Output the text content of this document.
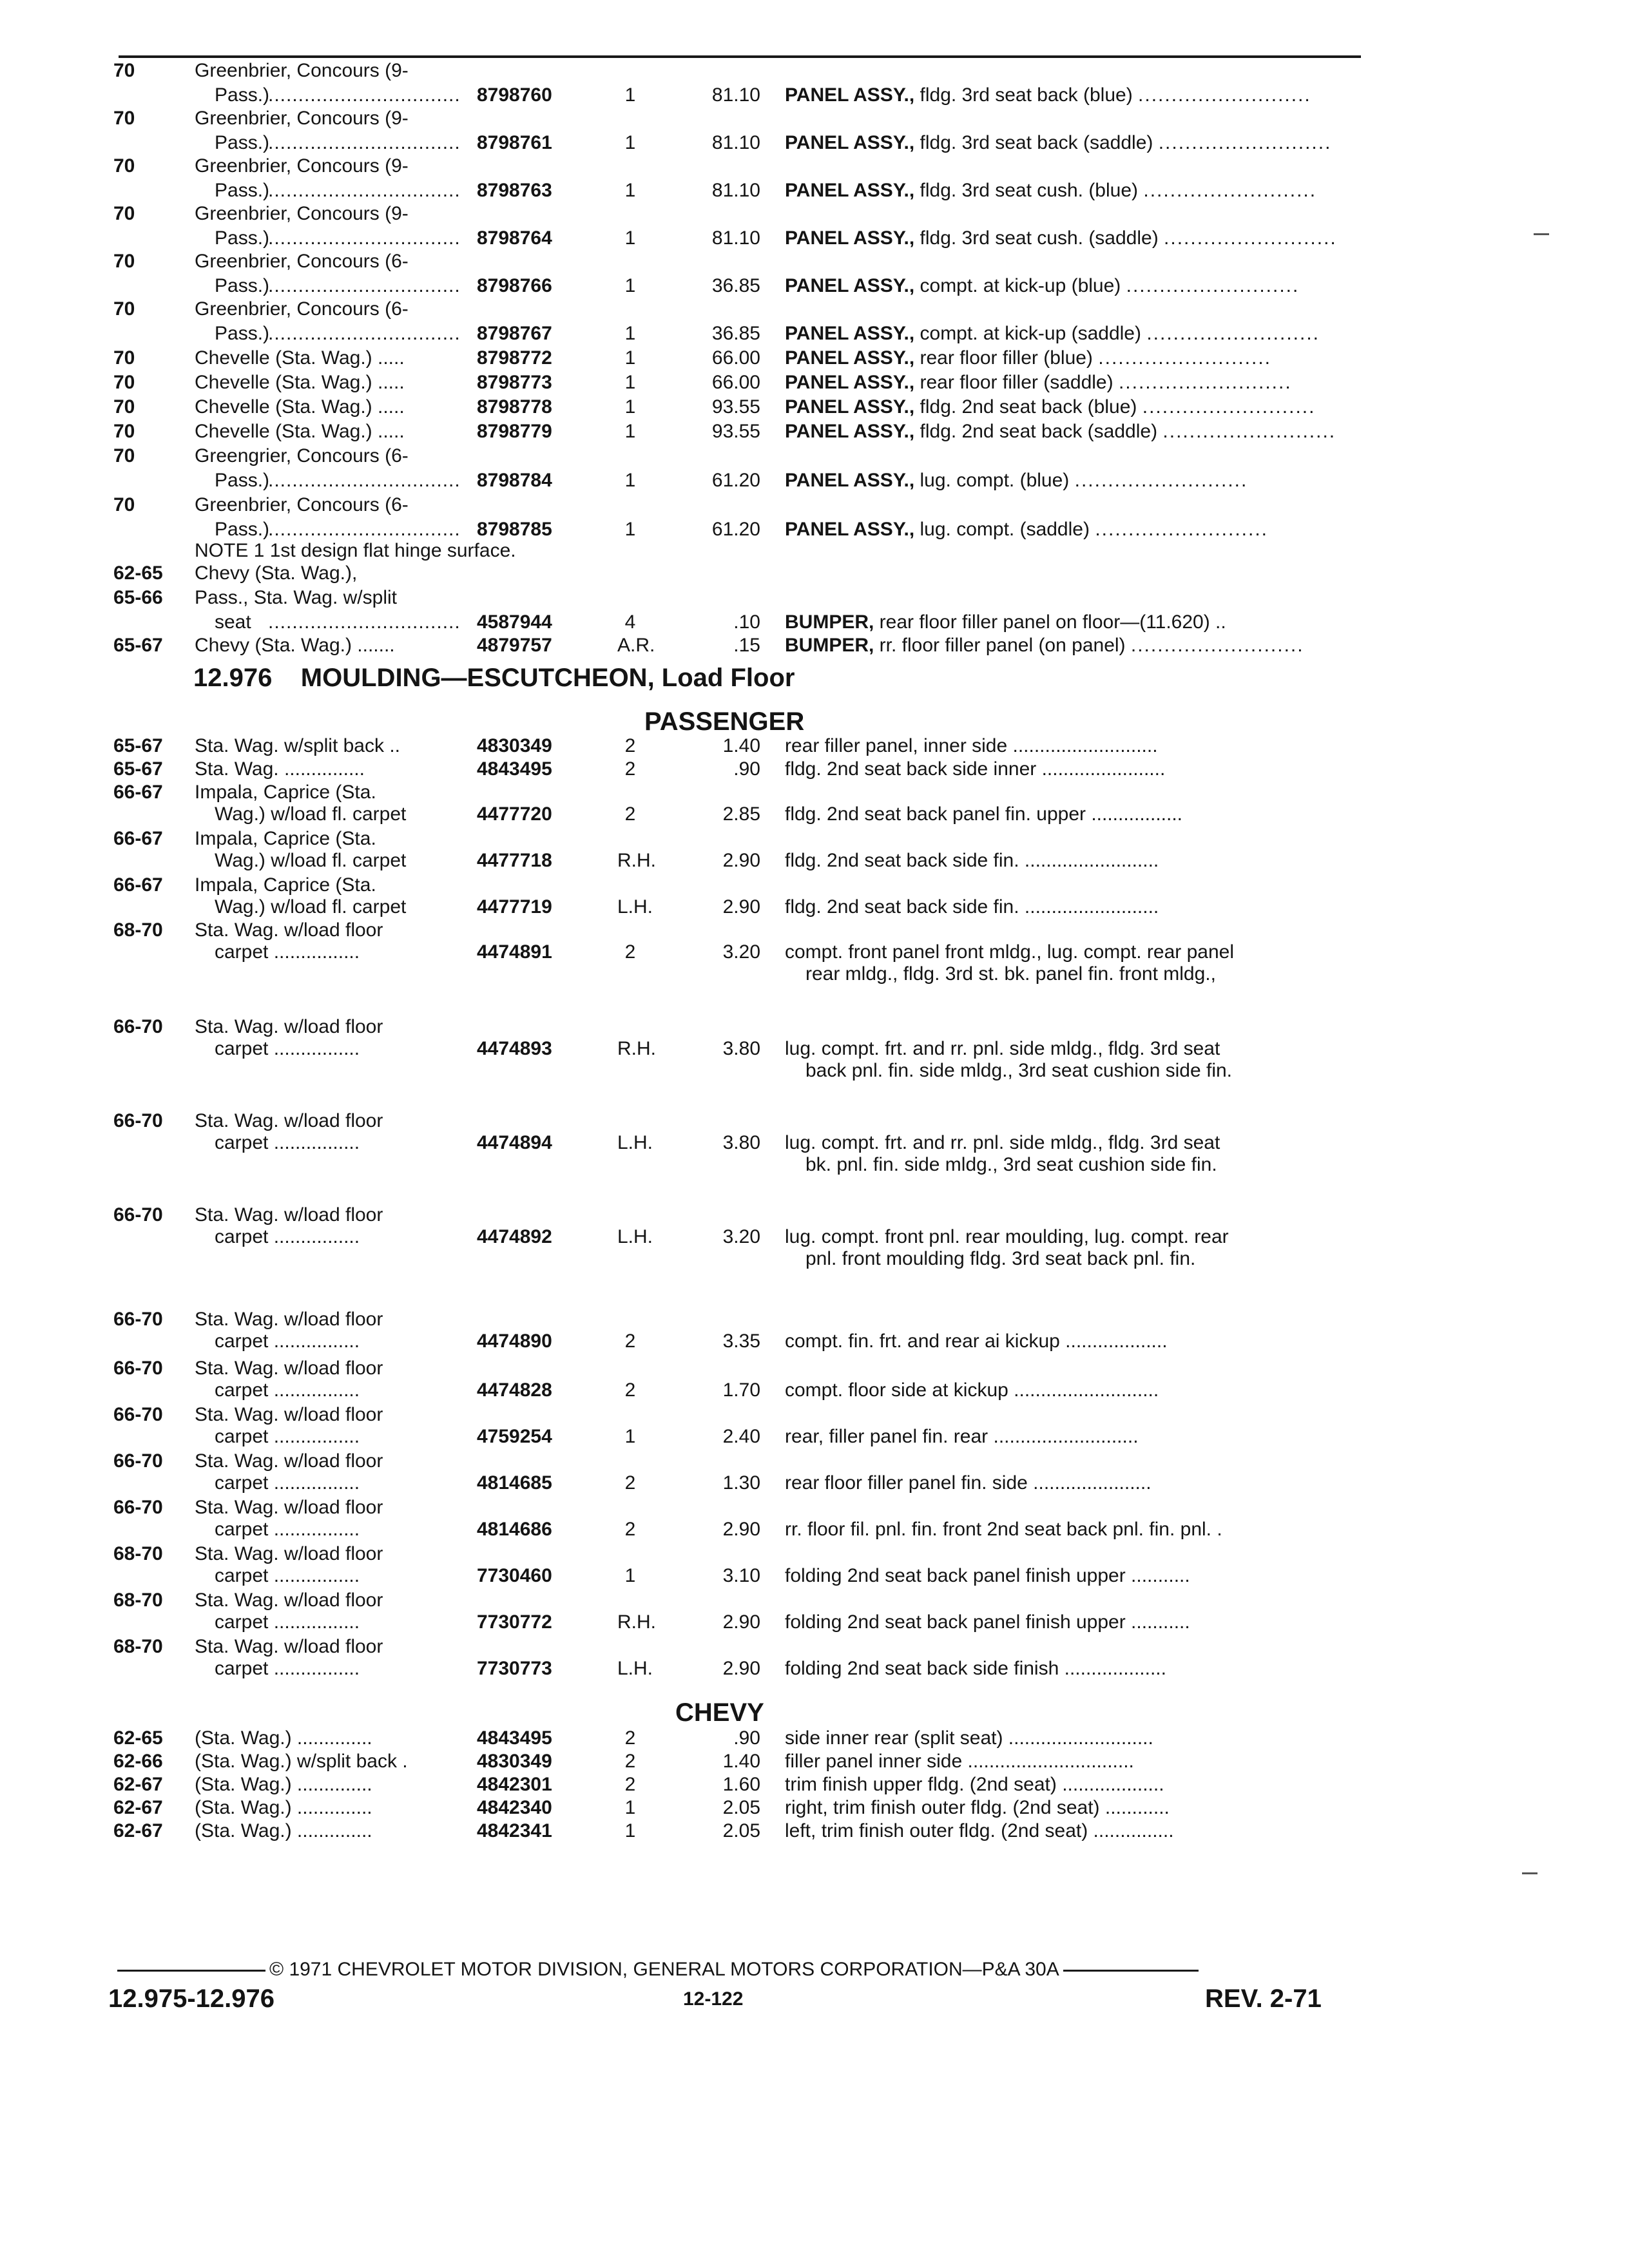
70	Greenbrier, Concours (9-
Pass.)
................................ 8798760	1	81.10 PANEL ASSY., fldg. 3rd seat back (blue) ..........................
70	Greenbrier, Concours (9-
Pass.)
................................ 8798761	1	81.10 PANEL ASSY., fldg. 3rd seat back (saddle) ..........................
70	Greenbrier, Concours (9-
Pass.)
................................ 8798763	1	81.10 PANEL ASSY., fldg. 3rd seat cush. (blue) ..........................
70	Greenbrier, Concours (9-
Pass.)
................................ 8798764	1	81.10 PANEL ASSY., fldg. 3rd seat cush. (saddle) ..........................
70	Greenbrier, Concours (6-
Pass.)
................................ 8798766	1	36.85 PANEL ASSY., compt. at kick-up (blue) ..........................
70	Greenbrier, Concours (6-
Pass.)
................................ 8798767	1	36.85 PANEL ASSY., compt. at kick-up (saddle) ..........................
70	Chevelle (Sta. Wag.) .....	8798772	1	66.00 PANEL ASSY., rear floor filler (blue) ..........................
70	Chevelle (Sta. Wag.) .....	8798773	1	66.00 PANEL ASSY., rear floor filler (saddle) ..........................
70	Chevelle (Sta. Wag.) .....	8798778	1	93.55 PANEL ASSY., fldg. 2nd seat back (blue) ..........................
70	Chevelle (Sta. Wag.) .....	8798779	1	93.55 PANEL ASSY., fldg. 2nd seat back (saddle) ..........................
70	Greengrier, Concours (6-
Pass.)
................................ 8798784	1	61.20 PANEL ASSY., lug. compt. (blue) ..........................
70	Greenbrier, Concours (6-
Pass.)
................................ 8798785	1	61.20 PANEL ASSY., lug. compt. (saddle) ..........................
NOTE 1 1st design flat hinge surface.
62-65 Chevy (Sta. Wag.),
65-66 Pass., Sta. Wag. w/split
seat ................................ 4587944	4	.10 BUMPER, rear floor filler panel on floor—(11.620) ..
65-67 Chevy (Sta. Wag.) .......	4879757	A.R.	.15 BUMPER, rr. floor filler panel (on panel) ..........................
12.976 MOULDING—ESCUTCHEON, Load Floor
PASSENGER
65-67 Sta. Wag. w/split back ..	4830349	2	1.40 rear filler panel, inner side ...........................
65-67 Sta. Wag. ...............	4843495	2	.90 fldg. 2nd seat back side inner .......................
66-67 Impala, Caprice (Sta.
Wag.) w/load fl. carpet	4477720	2	2.85 fldg. 2nd seat back panel fin. upper .................
66-67 Impala, Caprice (Sta.
Wag.) w/load fl. carpet	4477718	R.H.	2.90 fldg. 2nd seat back side fin. .........................
66-67 Impala, Caprice (Sta.
Wag.) w/load fl. carpet	4477719	L.H.	2.90 fldg. 2nd seat back side fin. .........................
68-70 Sta. Wag. w/load floor
carpet ................	4474891	2	3.20 compt. front panel front mldg., lug. compt. rear panel
rear mldg., fldg. 3rd st. bk. panel fin. front mldg.,
66-70 Sta. Wag. w/load floor
carpet ................	4474893	R.H.	3.80 lug. compt. frt. and rr. pnl. side mldg., fldg. 3rd seat
back pnl. fin. side mldg., 3rd seat cushion side fin.
66-70 Sta. Wag. w/load floor
carpet ................	4474894	L.H.	3.80 lug. compt. frt. and rr. pnl. side mldg., fldg. 3rd seat
bk. pnl. fin. side mldg., 3rd seat cushion side fin.
66-70 Sta. Wag. w/load floor
carpet ................	4474892	L.H.	3.20 lug. compt. front pnl. rear moulding, lug. compt. rear
pnl. front moulding fldg. 3rd seat back pnl. fin.
66-70 Sta. Wag. w/load floor
carpet ................	4474890	2	3.35 compt. fin. frt. and rear ai kickup ...................
66-70 Sta. Wag. w/load floor
carpet ................	4474828	2	1.70 compt. floor side at kickup ...........................
66-70 Sta. Wag. w/load floor
carpet ................	4759254	1	2.40 rear, filler panel fin. rear ...........................
66-70 Sta. Wag. w/load floor
carpet ................	4814685	2	1.30 rear floor filler panel fin. side ......................
66-70 Sta. Wag. w/load floor
carpet ................	4814686	2	2.90 rr. floor fil. pnl. fin. front 2nd seat back pnl. fin. pnl. .
68-70 Sta. Wag. w/load floor
carpet ................	7730460	1	3.10 folding 2nd seat back panel finish upper ...........
68-70 Sta. Wag. w/load floor
carpet ................	7730772	R.H.	2.90 folding 2nd seat back panel finish upper ...........
68-70 Sta. Wag. w/load floor
carpet ................	7730773	L.H.	2.90 folding 2nd seat back side finish ...................
CHEVY
62-65 (Sta. Wag.) ..............	4843495	2	.90 side inner rear (split seat) ...........................
62-66 (Sta. Wag.) w/split back .	4830349	2	1.40 filler panel inner side ...............................
62-67 (Sta. Wag.) ..............	4842301	2	1.60 trim finish upper fldg. (2nd seat) ...................
62-67 (Sta. Wag.) ..............	4842340	1	2.05 right, trim finish outer fldg. (2nd seat) ............
62-67 (Sta. Wag.) ..............	4842341	1	2.05 left, trim finish outer fldg. (2nd seat) ...............
© 1971 CHEVROLET MOTOR DIVISION, GENERAL MOTORS CORPORATION—P&A 30A
12.975-12.976	12-122	REV. 2-71
